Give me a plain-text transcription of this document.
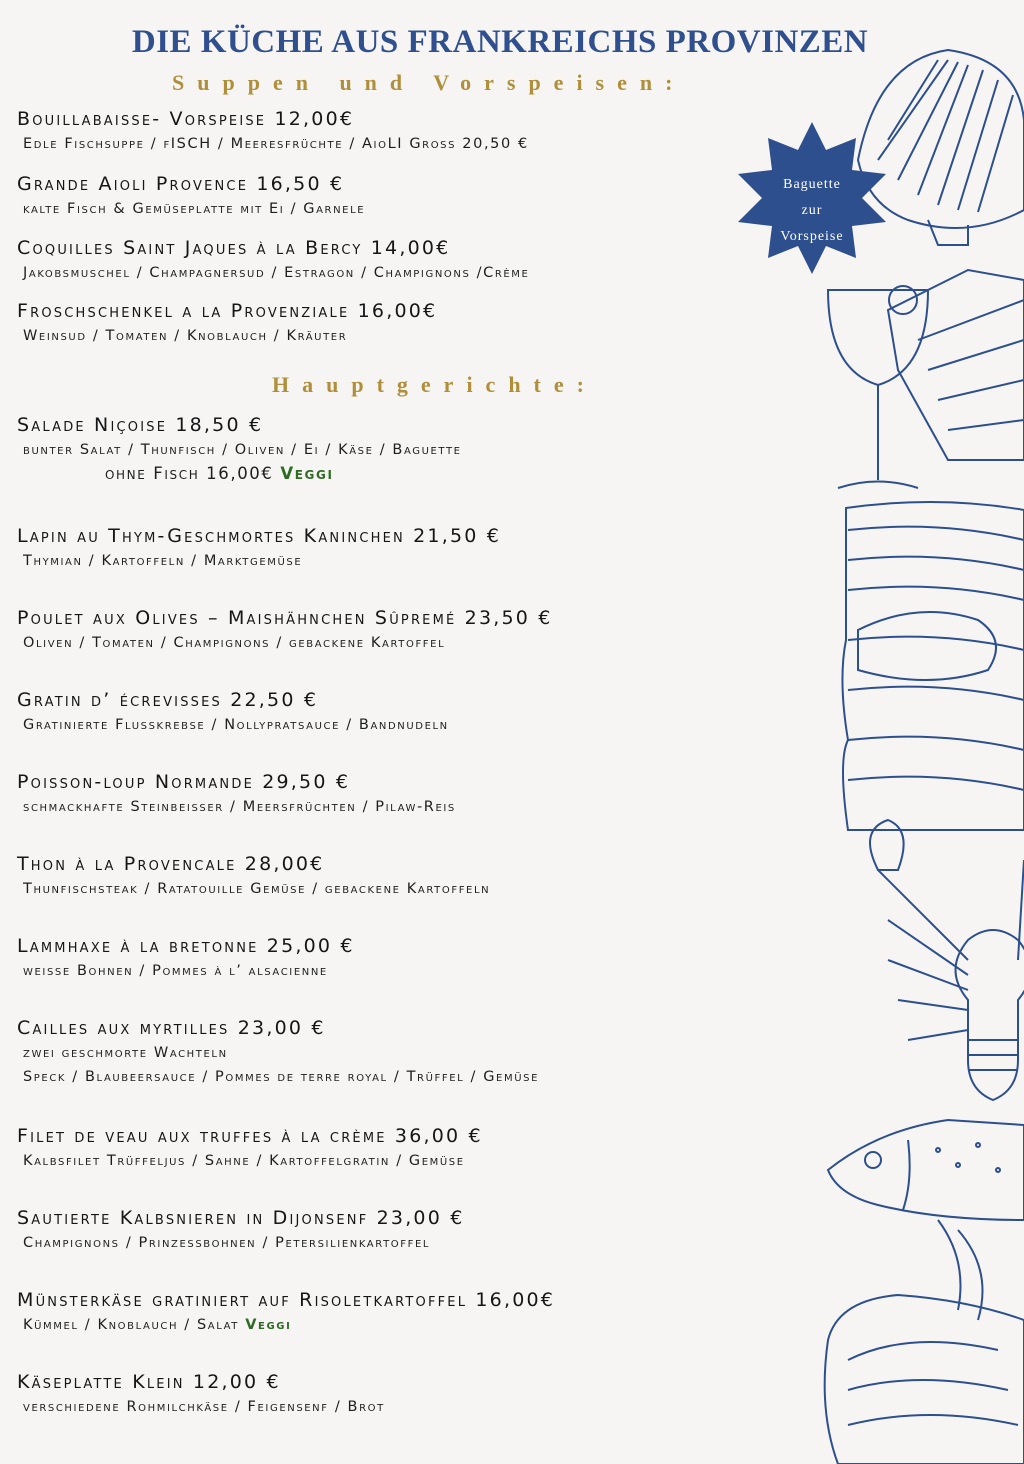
DIE KÜCHE AUS FRANKREICHS PROVINZEN
Suppen und Vorspeisen:
Bouillabaisse- Vorspeise 12,00€
Edle Fischsuppe / fISCH / Meeresfrüchte / AioLI Gross 20,50 €
Grande Aioli Provence 16,50 €
kalte Fisch & Gemüseplatte mit Ei / Garnele
Coquilles Saint Jaques à la Bercy 14,00€
Jakobsmuschel / Champagnersud / Estragon / Champignons /Crème
Froschschenkel a la Provenziale 16,00€
Weinsud / Tomaten / Knoblauch / Kräuter
Hauptgerichte:
Salade Niçoise 18,50 €
bunter Salat / Thunfisch / Oliven / Ei / Käse / Baguette
ohne Fisch 16,00€ Veggi
Lapin au Thym-Geschmortes Kaninchen 21,50 €
Thymian / Kartoffeln / Marktgemüse
Poulet aux Olives – Maishähnchen Sûpremé 23,50 €
Oliven / Tomaten / Champignons / gebackene Kartoffel
Gratin d’ écrevisses 22,50 €
Gratinierte Flusskrebse / Nollypratsauce / Bandnudeln
Poisson-loup Normande 29,50 €
schmackhafte Steinbeisser / Meersfrüchten / Pilaw-Reis
Thon à la Provencale 28,00€
Thunfischsteak / Ratatouille Gemüse / gebackene Kartoffeln
Lammhaxe à la bretonne 25,00 €
weisse Bohnen / Pommes à l’ alsacienne
Cailles aux myrtilles 23,00 €
zwei geschmorte Wachteln
Speck / Blaubeersauce / Pommes de terre royal / Trüffel / Gemüse
Filet de veau aux truffes à la crème 36,00 €
Kalbsfilet Trüffeljus / Sahne / Kartoffelgratin / Gemüse
Sautierte Kalbsnieren in Dijonsenf 23,00 €
Champignons / Prinzessbohnen / Petersilienkartoffel
Münsterkäse gratiniert auf Risoletkartoffel 16,00€
Kümmel / Knoblauch / Salat Veggi
Käseplatte Klein 12,00 €
verschiedene Rohmilchkäse / Feigensenf / Brot
Baguette
zur
Vorspeise
